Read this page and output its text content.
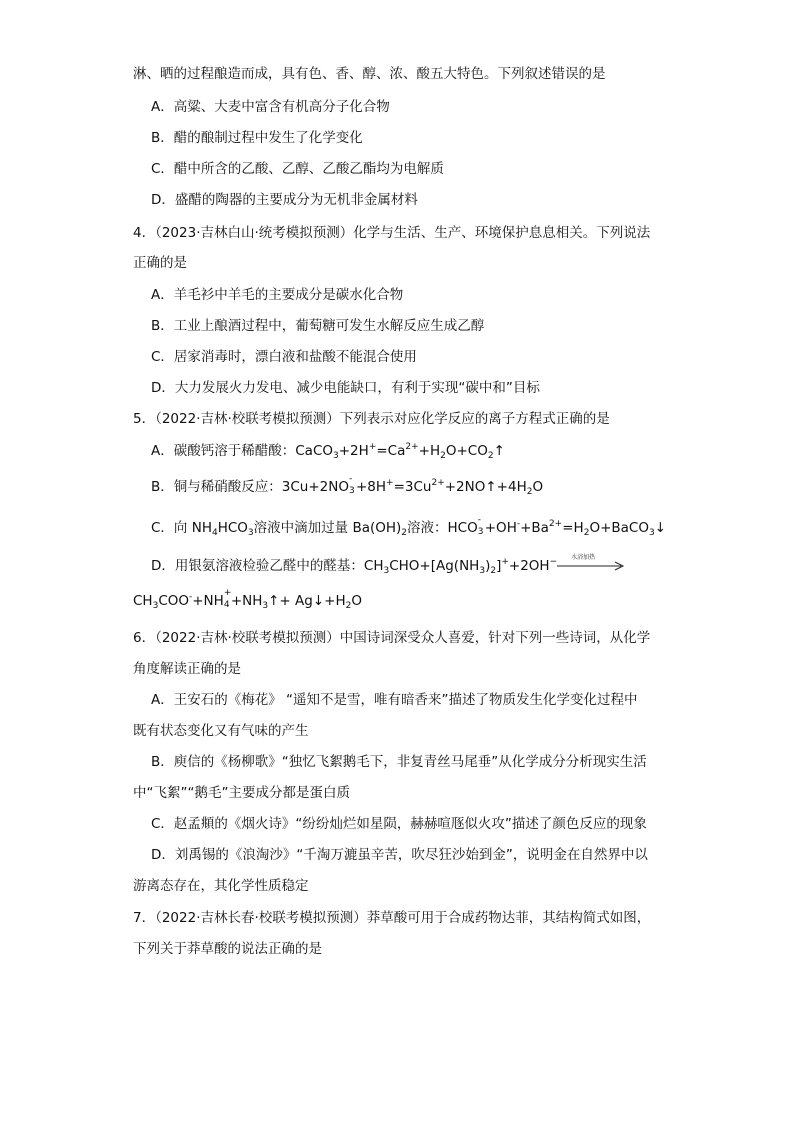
淋、晒的过程酿造而成，具有色、香、醇、浓、酸五大特色。下列叙述错误的是
A．高粱、大麦中富含有机高分子化合物
B．醋的酿制过程中发生了化学变化
C．醋中所含的乙酸、乙醇、乙酸乙酯均为电解质
D．盛醋的陶器的主要成分为无机非金属材料
4．（2023·吉林白山·统考模拟预测）化学与生活、生产、环境保护息息相关。下列说法
正确的是
A．羊毛衫中羊毛的主要成分是碳水化合物
B．工业上酿酒过程中，葡萄糖可发生水解反应生成乙醇
C．居家消毒时，漂白液和盐酸不能混合使用
D．大力发展火力发电、减少电能缺口，有利于实现“碳中和”目标
5．（2022·吉林·校联考模拟预测）下列表示对应化学反应的离子方程式正确的是
A．碳酸钙溶于稀醋酸：$CaCO_3+2H^+=Ca^{2+}+H_2O+CO_2↑$
B．铜与稀硝酸反应：3Cu+2NO -
$3 +8H^+=3Cu^{2+}+2NO↑+4H_2O$
C．向 $NH_4HCO_3$溶液中滴加过量 $Ba(OH)_2$溶液：HCO -
$3 +OH^-+Ba^{2+}=H_2O+BaCO_3↓$
D．用银氨溶液检验乙醛中的醛基：$CH_3CHO+[Ag(NH_3)_2]^++2OH^-$ 水浴加热
$CH_3COO^-+NH$ +
$4 +NH_3↑+$ $Ag↓+H_2O$
6．（2022·吉林·校联考模拟预测）中国诗词深受众人喜爱，针对下列一些诗词，从化学
角度解读正确的是
A．王安石的《梅花》 “遥知不是雪，唯有暗香来”描述了物质发生化学变化过程中
既有状态变化又有气味的产生
B．庾信的《杨柳歌》“独忆飞絮鹅毛下，非复青丝马尾垂”从化学成分分析现实生活
中“飞絮”“鹅毛”主要成分都是蛋白质
C．赵孟頫的《烟火诗》“纷纷灿烂如星陨，赫赫喧豗似火攻”描述了颜色反应的现象
D．刘禹锡的《浪淘沙》“千淘万漉虽辛苦，吹尽狂沙始到金”，说明金在自然界中以
游离态存在，其化学性质稳定
7．（2022·吉林长春·校联考模拟预测）莽草酸可用于合成药物达菲，其结构简式如图，
下列关于莽草酸的说法正确的是
